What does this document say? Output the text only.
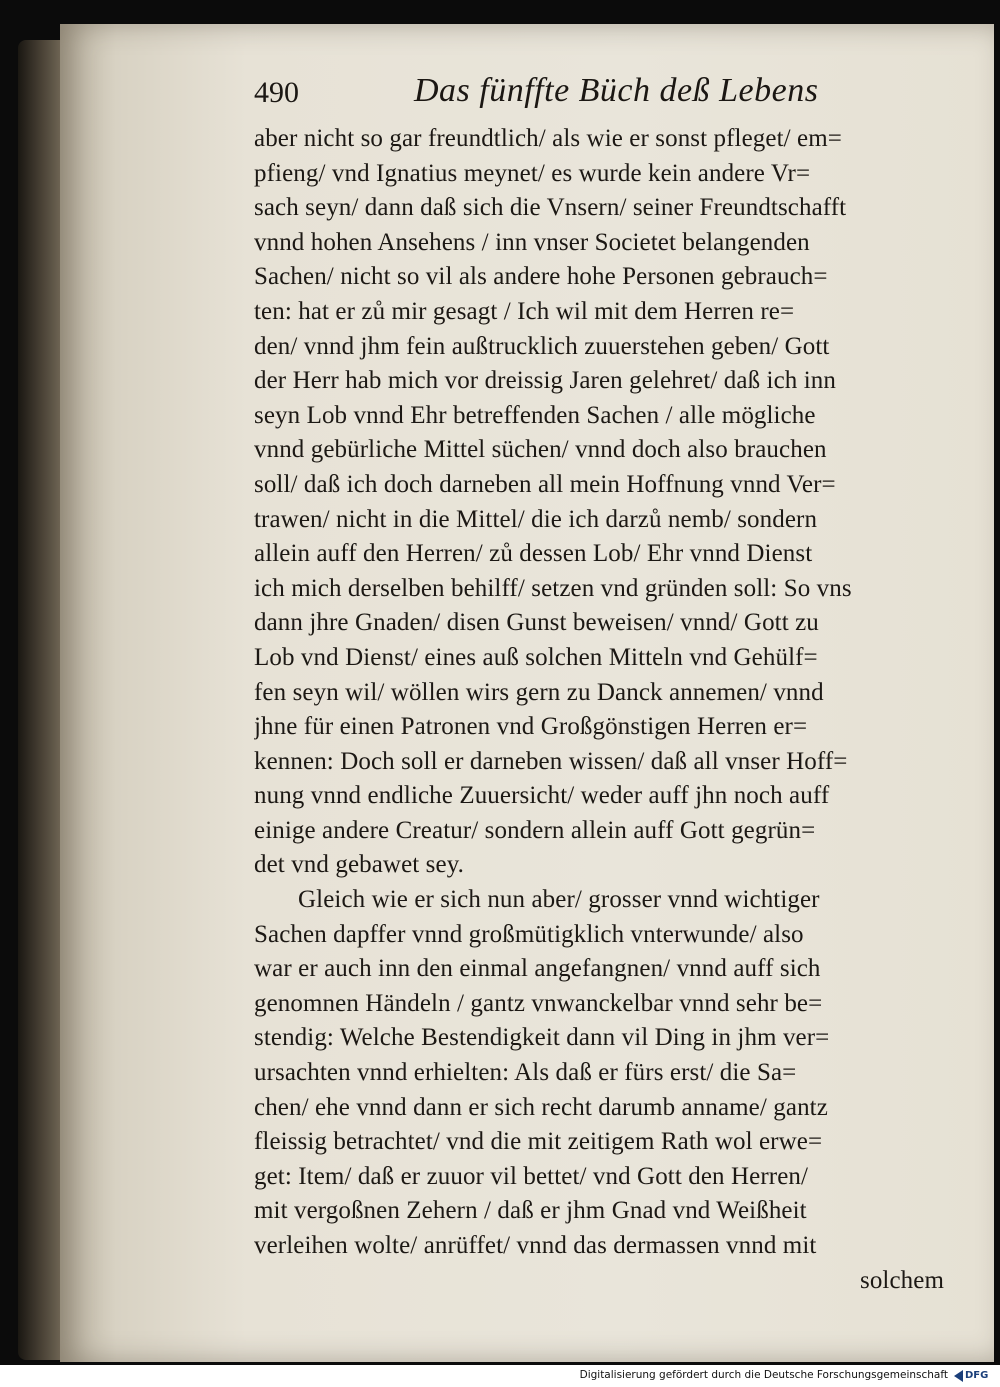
490	Das fünffte Büch deß Lebens
aber nicht so gar freundtlich/ als wie er sonst pfleget/ em=
pfieng/ vnd Ignatius meynet/ es wurde kein andere Vr=
sach seyn/ dann daß sich die Vnsern/ seiner Freundtschafft
vnnd hohen Ansehens / inn vnser Societet belangenden
Sachen/ nicht so vil als andere hohe Personen gebrauch=
ten: hat er zů mir gesagt / Ich wil mit dem Herren re=
den/ vnnd jhm fein außtrucklich zuuerstehen geben/ Gott
der Herr hab mich vor dreissig Jaren gelehret/ daß ich inn
seyn Lob vnnd Ehr betreffenden Sachen / alle mögliche
vnnd gebürliche Mittel süchen/ vnnd doch also brauchen
soll/ daß ich doch darneben all mein Hoffnung vnnd Ver=
trawen/ nicht in die Mittel/ die ich darzů nemb/ sondern
allein auff den Herren/ zů dessen Lob/ Ehr vnnd Dienst
ich mich derselben behilff/ setzen vnd gründen soll: So vns
dann jhre Gnaden/ disen Gunst beweisen/ vnnd/ Gott zu
Lob vnd Dienst/ eines auß solchen Mitteln vnd Gehülf=
fen seyn wil/ wöllen wirs gern zu Danck annemen/ vnnd
jhne für einen Patronen vnd Großgönstigen Herren er=
kennen: Doch soll er darneben wissen/ daß all vnser Hoff=
nung vnnd endliche Zuuersicht/ weder auff jhn noch auff
einige andere Creatur/ sondern allein auff Gott gegrün=
det vnd gebawet sey.
Gleich wie er sich nun aber/ grosser vnnd wichtiger
Sachen dapffer vnnd großmütigklich vnterwunde/ also
war er auch inn den einmal angefangnen/ vnnd auff sich
genomnen Händeln / gantz vnwanckelbar vnnd sehr be=
stendig: Welche Bestendigkeit dann vil Ding in jhm ver=
ursachten vnnd erhielten: Als daß er fürs erst/ die Sa=
chen/ ehe vnnd dann er sich recht darumb anname/ gantz
fleissig betrachtet/ vnd die mit zeitigem Rath wol erwe=
get: Item/ daß er zuuor vil bettet/ vnd Gott den Herren/
mit vergoßnen Zehern / daß er jhm Gnad vnd Weißheit
verleihen wolte/ anrüffet/ vnnd das dermassen vnnd mit
solchem
Digitalisierung gefördert durch die Deutsche Forschungsgemeinschaft DFG
